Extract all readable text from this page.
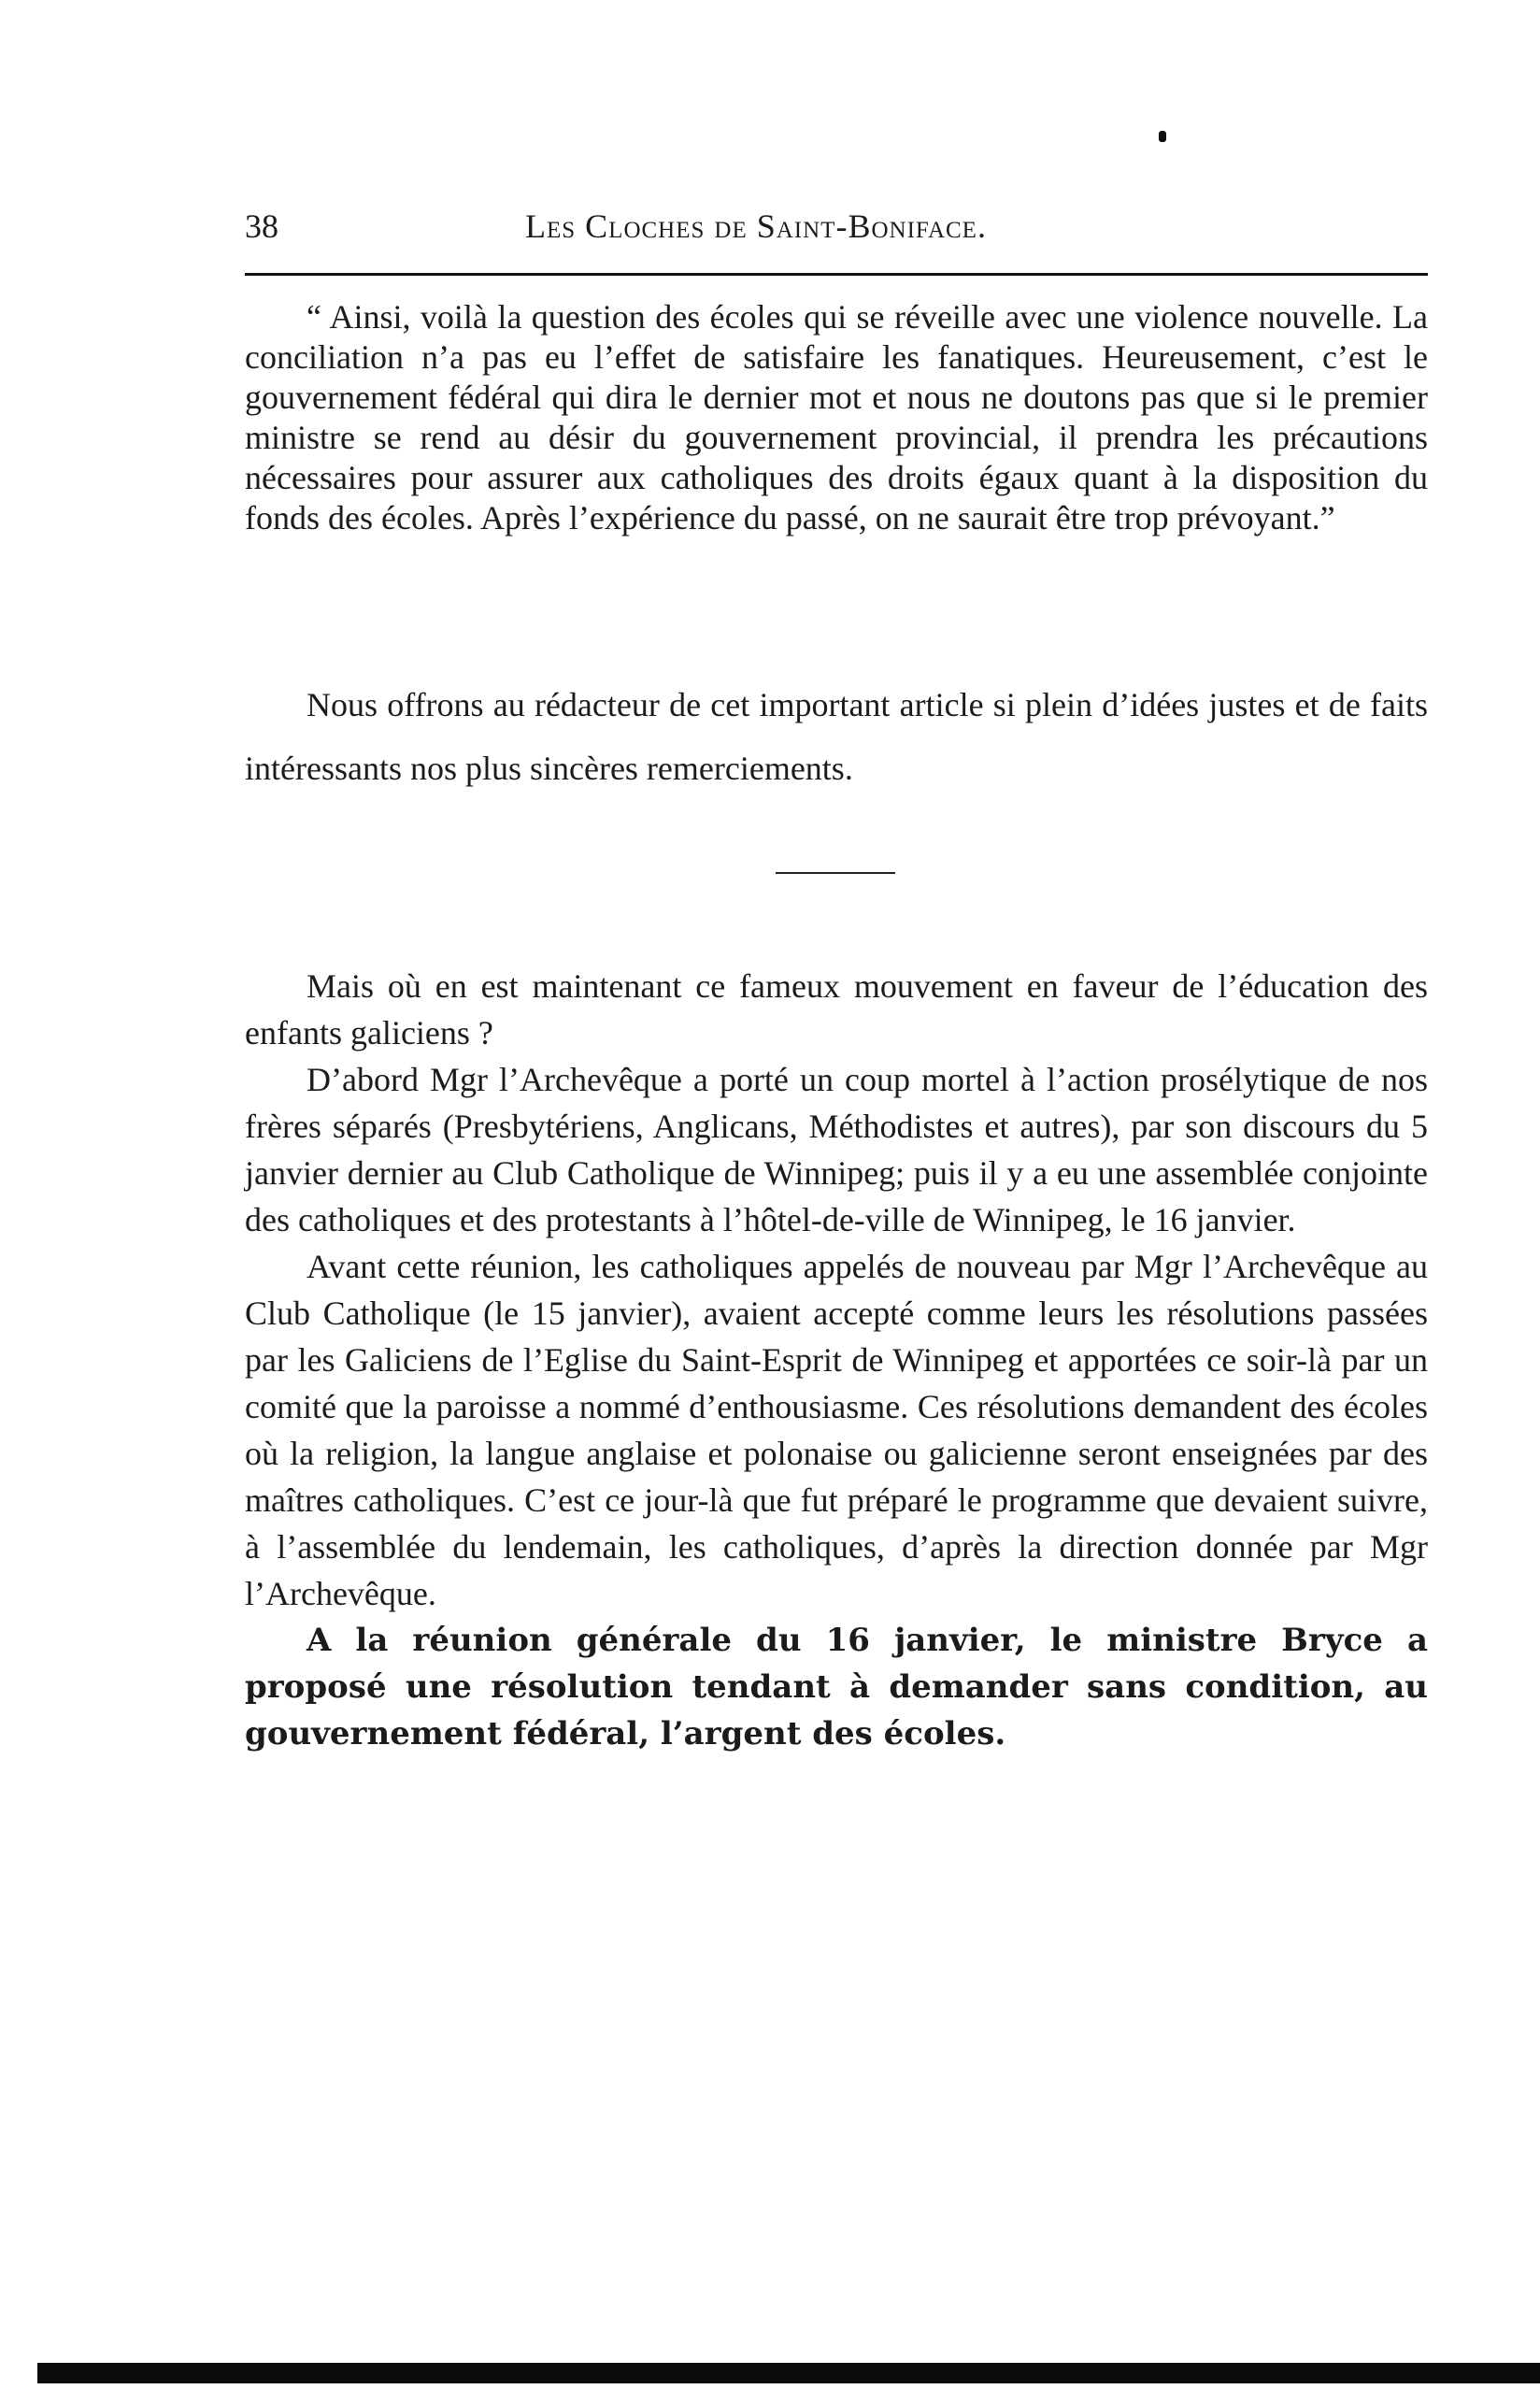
38	Les Cloches de Saint-Boniface.

“ Ainsi, voilà la question des écoles qui se réveille avec une violence nouvelle. La conciliation n’a pas eu l’effet de satisfaire les fanatiques. Heureusement, c’est le gouvernement fédéral qui dira le dernier mot et nous ne doutons pas que si le premier ministre se rend au désir du gouvernement provincial, il prendra les précautions nécessaires pour assurer aux catholiques des droits égaux quant à la disposition du fonds des écoles. Après l’expérience du passé, on ne saurait être trop prévoyant.”

Nous offrons au rédacteur de cet important article si plein d’idées justes et de faits intéressants nos plus sincères remerciements.

Mais où en est maintenant ce fameux mouvement en faveur de l’éducation des enfants galiciens ?

D’abord Mgr l’Archevêque a porté un coup mortel à l’action prosélytique de nos frères séparés (Presbytériens, Anglicans, Méthodistes et autres), par son discours du 5 janvier dernier au Club Catholique de Winnipeg; puis il y a eu une assemblée conjointe des catholiques et des protestants à l’hôtel-de-ville de Winnipeg, le 16 janvier.

Avant cette réunion, les catholiques appelés de nouveau par Mgr l’Archevêque au Club Catholique (le 15 janvier), avaient accepté comme leurs les résolutions passées par les Galiciens de l’Eglise du Saint-Esprit de Winnipeg et apportées ce soir-là par un comité que la paroisse a nommé d’enthousiasme. Ces résolutions demandent des écoles où la religion, la langue anglaise et polonaise ou galicienne seront enseignées par des maîtres catholiques. C’est ce jour-là que fut préparé le programme que devaient suivre, à l’assemblée du lendemain, les catholiques, d’après la direction donnée par Mgr l’Archevêque.

A la réunion générale du 16 janvier, le ministre Bryce a proposé une résolution tendant à demander sans condition, au gouvernement fédéral, l’argent des écoles.
